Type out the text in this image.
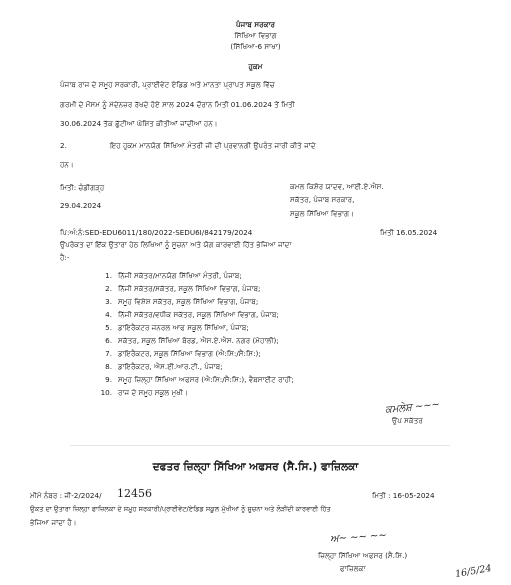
ਪੰਜਾਬ ਸਰਕਾਰ
ਸਿੱਖਿਆ ਵਿਭਾਗ
(ਸਿੱਖਿਆ-6 ਸਾਖਾ)
ਹੁਕਮ
ਪੰਜਾਬ ਰਾਜ ਦੇ ਸਮੂਹ ਸਰਕਾਰੀ, ਪ੍ਰਾਈਵੇਟ ਏਡਿਡ ਅਤੇ ਮਾਨਤਾ ਪ੍ਰਾਪਤ ਸਕੂਲ ਵਿੱਚ
ਗਰਮੀ ਦੇ ਮੌਸਮ ਨੂੰ ਮੱਦੇਨਜ਼ਰ ਰੱਖਦੇ ਹੋਏ ਸਾਲ 2024 ਦੌਰਾਨ ਮਿਤੀ 01.06.2024 ਤੋਂ ਮਿਤੀ
30.06.2024 ਤੱਕ ਛੁੱਟੀਆਂ ਘੋਸ਼ਿਤ ਕੀਤੀਆਂ ਜਾਂਦੀਆਂ ਹਨ।
2.	ਇਹ ਹੁਕਮ ਮਾਨਯੋਗ ਸਿੱਖਿਆ ਮੰਤਰੀ ਜੀ ਦੀ ਪ੍ਰਵਾਨਗੀ ਉਪਰੰਤ ਜਾਰੀ ਕੀਤੇ ਜਾਂਦੇ
ਹਨ।
ਮਿਤੀ: ਚੰਡੀਗੜ੍ਹ
29.04.2024
ਕਮਲ ਕਿਸ਼ੋਰ ਯਾਦਵ, ਆਈ.ਏ.ਐਸ.
ਸਕੱਤਰ, ਪੰਜਾਬ ਸਰਕਾਰ,
ਸਕੂਲ ਸਿੱਖਿਆ ਵਿਭਾਗ।
ਪਿ:ਅੰ:ਨੰ:SED-EDU6011/180/2022-SEDU6I/842179/2024	ਮਿਤੀ 16.05.2024
ਉਪਰੋਕਤ ਦਾ ਇੱਕ ਉਤਾਰਾ ਹੇਠ ਲਿਖਿਆਂ ਨੂੰ ਸੂਚਨਾ ਅਤੇ ਯੋਗ ਕਾਰਵਾਈ ਹਿੱਤ ਭੇਜਿਆ ਜਾਂਦਾ
ਹੈ:-
1. ਨਿੱਜੀ ਸਕੱਤਰ/ਮਾਨਯੋਗ ਸਿੱਖਿਆ ਮੰਤਰੀ, ਪੰਜਾਬ;
2. ਨਿੱਜੀ ਸਕੱਤਰ/ਸਕੱਤਰ, ਸਕੂਲ ਸਿੱਖਿਆ ਵਿਭਾਗ, ਪੰਜਾਬ;
3. ਸਮੂਹ ਵਿਸ਼ੇਸ਼ ਸਕੱਤਰ, ਸਕੂਲ ਸਿੱਖਿਆ ਵਿਭਾਗ, ਪੰਜਾਬ;
4. ਨਿੱਜੀ ਸਕੱਤਰ/ਵਧੀਕ ਸਕੱਤਰ, ਸਕੂਲ ਸਿੱਖਿਆ ਵਿਭਾਗ, ਪੰਜਾਬ;
5. ਡਾਇਰੈਕਟਰ ਜਨਰਲ ਆਫ ਸਕੂਲ ਸਿੱਖਿਆ, ਪੰਜਾਬ;
6. ਸਕੱਤਰ, ਸਕੂਲ ਸਿੱਖਿਆ ਬੋਰਡ, ਐਸ.ਏ.ਐਸ. ਨਗਰ (ਮੋਹਾਲੀ);
7. ਡਾਇਰੈਕਟਰ, ਸਕੂਲ ਸਿੱਖਿਆ ਵਿਭਾਗ (ਐ:ਸਿ:/ਸੈ:ਸਿ:);
8. ਡਾਇਰੈਕਟਰ, ਐਸ.ਈ.ਆਰ.ਟੀ., ਪੰਜਾਬ;
9. ਸਮੂਹ ਜ਼ਿਲ੍ਹਾ ਸਿੱਖਿਆ ਅਫਸਰ (ਐ:ਸਿ:/ਸੈ:ਸਿ:), ਵੈਬਸਾਈਟ ਰਾਹੀਂ;
10. ਰਾਜ ਦੇ ਸਮੂਹ ਸਕੂਲ ਮੁਖੀ।
ਕਮਲੇਸ਼ ~~~
ਉਪ ਸਕੱਤਰ
ਦਫਤਰ ਜ਼ਿਲ੍ਹਾ ਸਿੱਖਿਆ ਅਫਸਰ (ਸੈ.ਸਿ.) ਫਾਜ਼ਿਲਕਾ
ਮੀਮੋ ਨੰਬਰ : ਜੀ-2/2024/ 12456	ਮਿਤੀ : 16-05-2024
ਉਕਤ ਦਾ ਉਤਾਰਾ ਜ਼ਿਲ੍ਹਾ ਫਾਜ਼ਿਲਕਾ ਦੇ ਸਮੂਹ ਸਰਕਾਰੀ/ਪ੍ਰਾਈਵੇਟ/ਏਡਿਡ ਸਕੂਲ ਮੁੱਖੀਆਂ ਨੂੰ ਸੂਚਨਾ ਅਤੇ ਲੋੜੀਂਦੀ ਕਾਰਵਾਈ ਹਿੱਤ
ਭੇਜਿਆ ਜਾਂਦਾ ਹੈ।
ਅ~ ~~ ~~
ਜ਼ਿਲ੍ਹਾ ਸਿੱਖਿਆ ਅਫਸਰ (ਸੈ.ਸਿ.)
ਫਾਜ਼ਿਲਕਾ	16/5/24
